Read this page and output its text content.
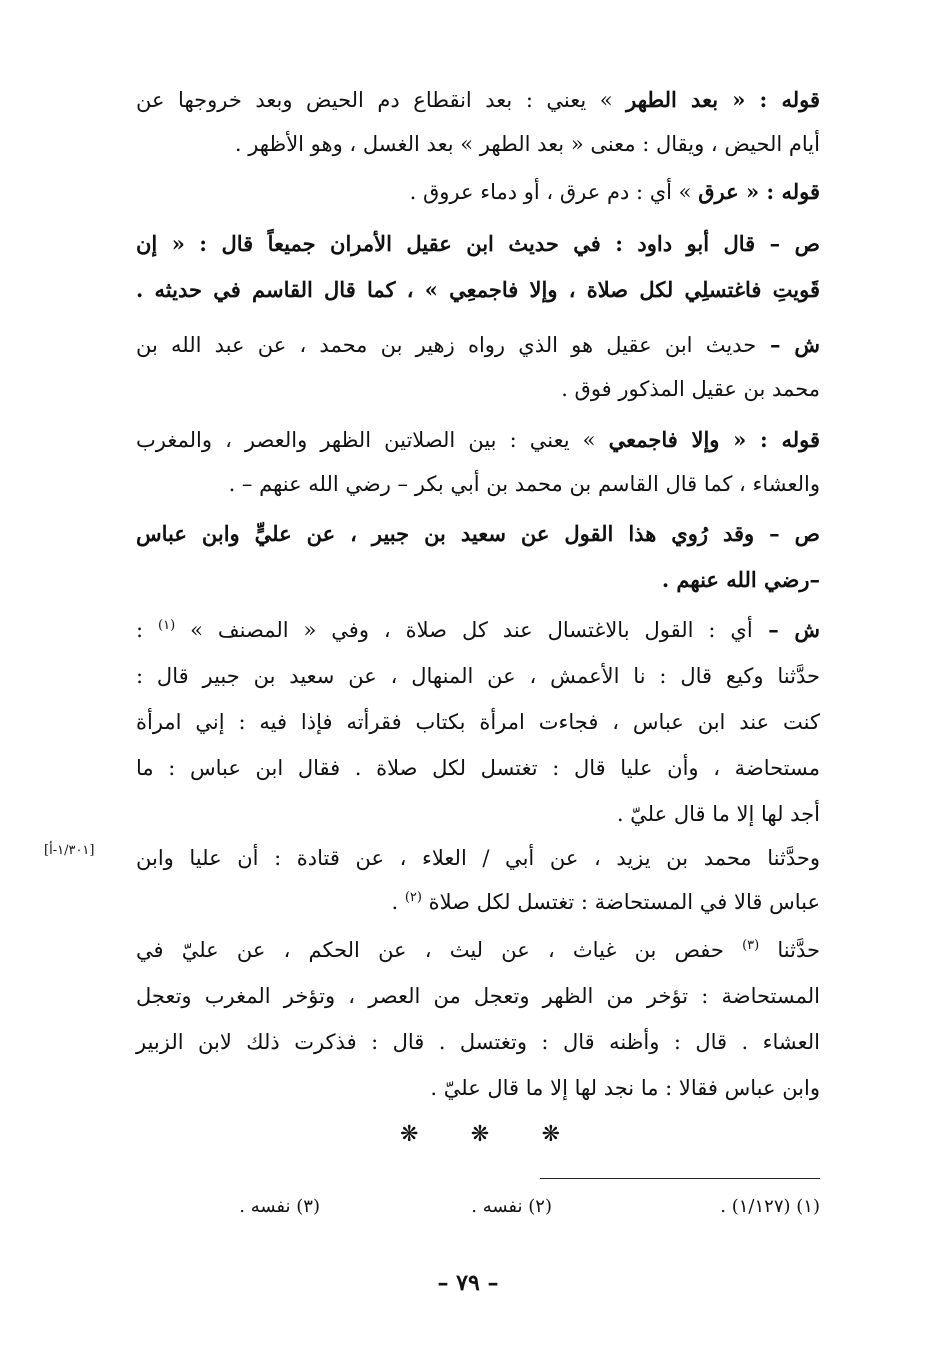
قوله : « بعد الطهر » يعني : بعد انقطاع دم الحيض وبعد خروجها عن
أيام الحيض ، ويقال : معنى « بعد الطهر » بعد الغسل ، وهو الأظهر .
قوله : « عرق » أي : دم عرق ، أو دماء عروق .
ص – قال أبو داود : في حديث ابن عقيل الأمران جميعاً قال : « إن
قَويتِ فاغتسلِي لكل صلاة ، وإلا فاجمعِي » ، كما قال القاسم في حديثه .
ش – حديث ابن عقيل هو الذي رواه زهير بن محمد ، عن عبد الله بن
محمد بن عقيل المذكور فوق .
قوله : « وإلا فاجمعي » يعني : بين الصلاتين الظهر والعصر ، والمغرب
والعشاء ، كما قال القاسم بن محمد بن أبي بكر – رضي الله عنهم – .
ص – وقد رُوي هذا القول عن سعيد بن جبير ، عن عليٍّ وابن عباس
–رضي الله عنهم .
ش – أي : القول بالاغتسال عند كل صلاة ، وفي « المصنف » $^{(١)}$ :
حدَّثنا وكيع قال : نا الأعمش ، عن المنهال ، عن سعيد بن جبير قال :
كنت عند ابن عباس ، فجاءت امرأة بكتاب فقرأته فإذا فيه : إني امرأة
مستحاضة ، وأن عليا قال : تغتسل لكل صلاة . فقال ابن عباس : ما
أجد لها إلا ما قال عليّ .
وحدَّثنا محمد بن يزيد ، عن أبي / العلاء ، عن قتادة : أن عليا وابن
عباس قالا في المستحاضة : تغتسل لكل صلاة $^{(٢)}$ .
حدَّثنا $^{(٣)}$ حفص بن غياث ، عن ليث ، عن الحكم ، عن عليّ في
المستحاضة : تؤخر من الظهر وتعجل من العصر ، وتؤخر المغرب وتعجل
العشاء . قال : وأظنه قال : وتغتسل . قال : فذكرت ذلك لابن الزبير
وابن عباس فقالا : ما نجد لها إلا ما قال عليّ .
[١/٣٠١-أ]
❋ ❋ ❋
(١) (١/١٢٧) .
(٢) نفسه .
(٣) نفسه .
– ٧٩ –
